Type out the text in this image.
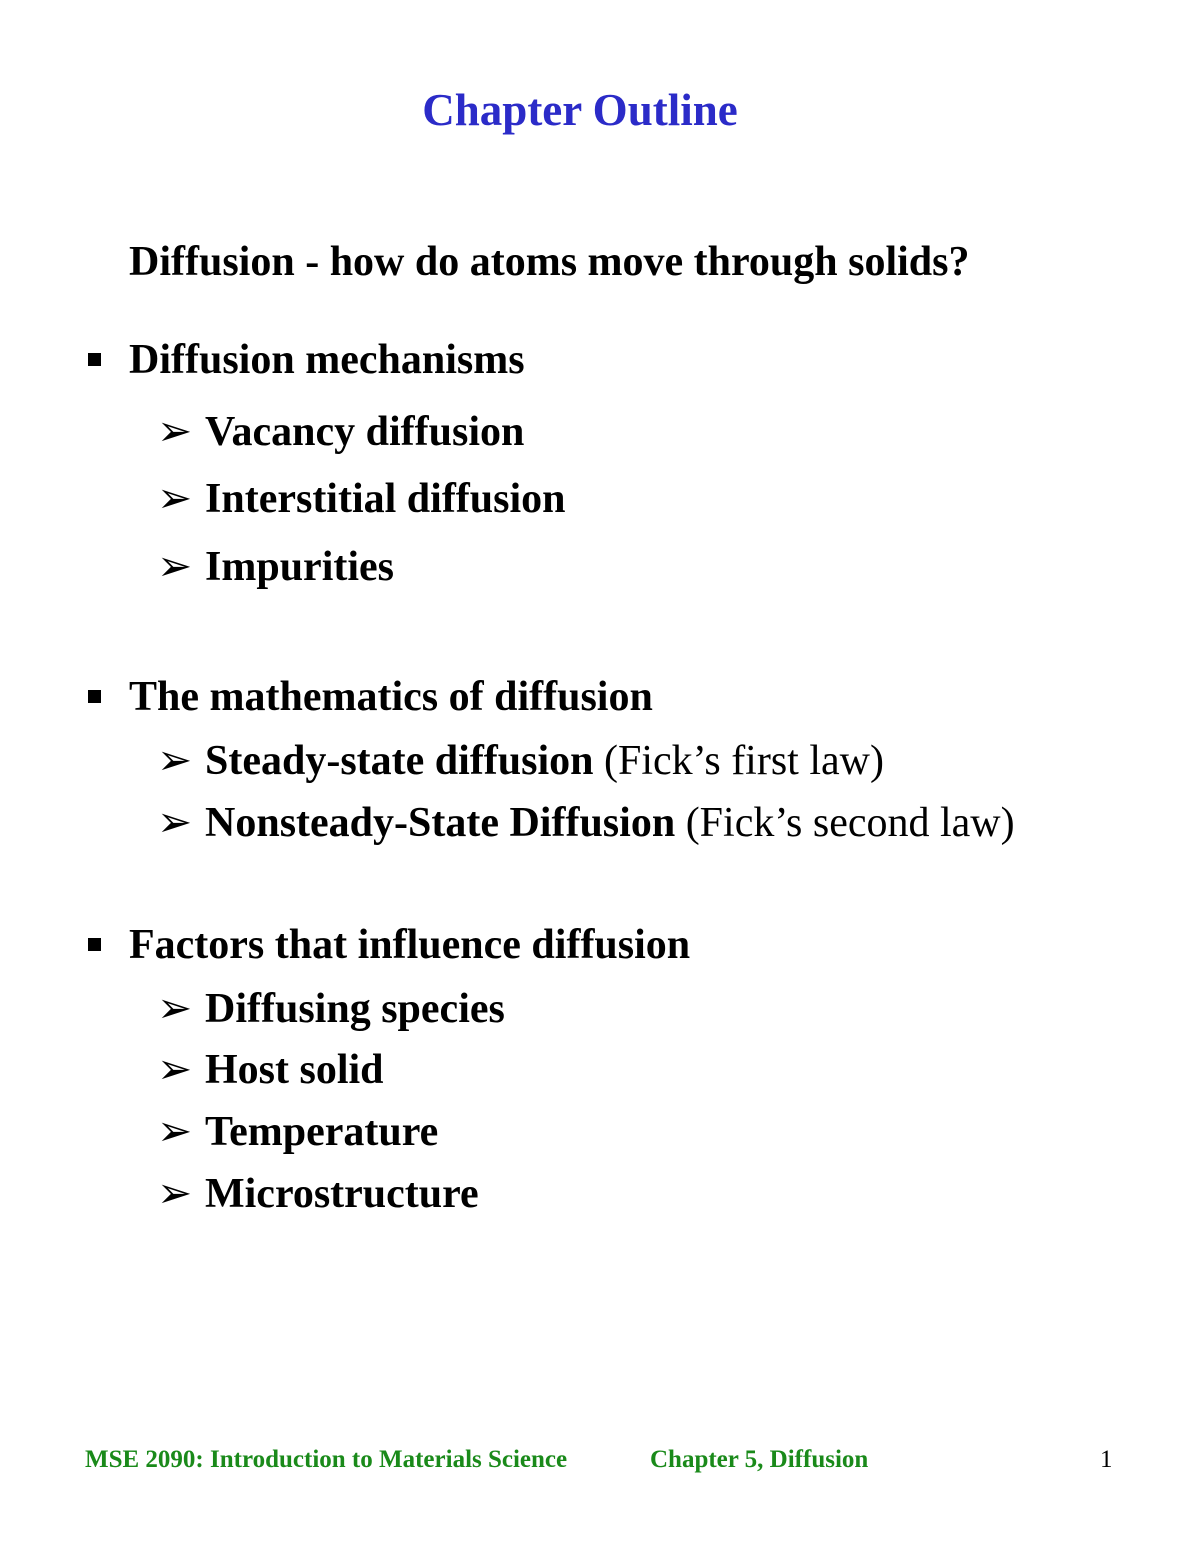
Chapter Outline
Diffusion - how do atoms move through solids?
Diffusion mechanisms
➢ Vacancy diffusion
➢ Interstitial diffusion
➢ Impurities
The mathematics of diffusion
➢ Steady-state diffusion (Fick’s first law)
➢ Nonsteady-State Diffusion (Fick’s second law)
Factors that influence diffusion
➢ Diffusing species
➢ Host solid
➢ Temperature
➢ Microstructure
MSE 2090: Introduction to Materials Science	Chapter 5, Diffusion	1
